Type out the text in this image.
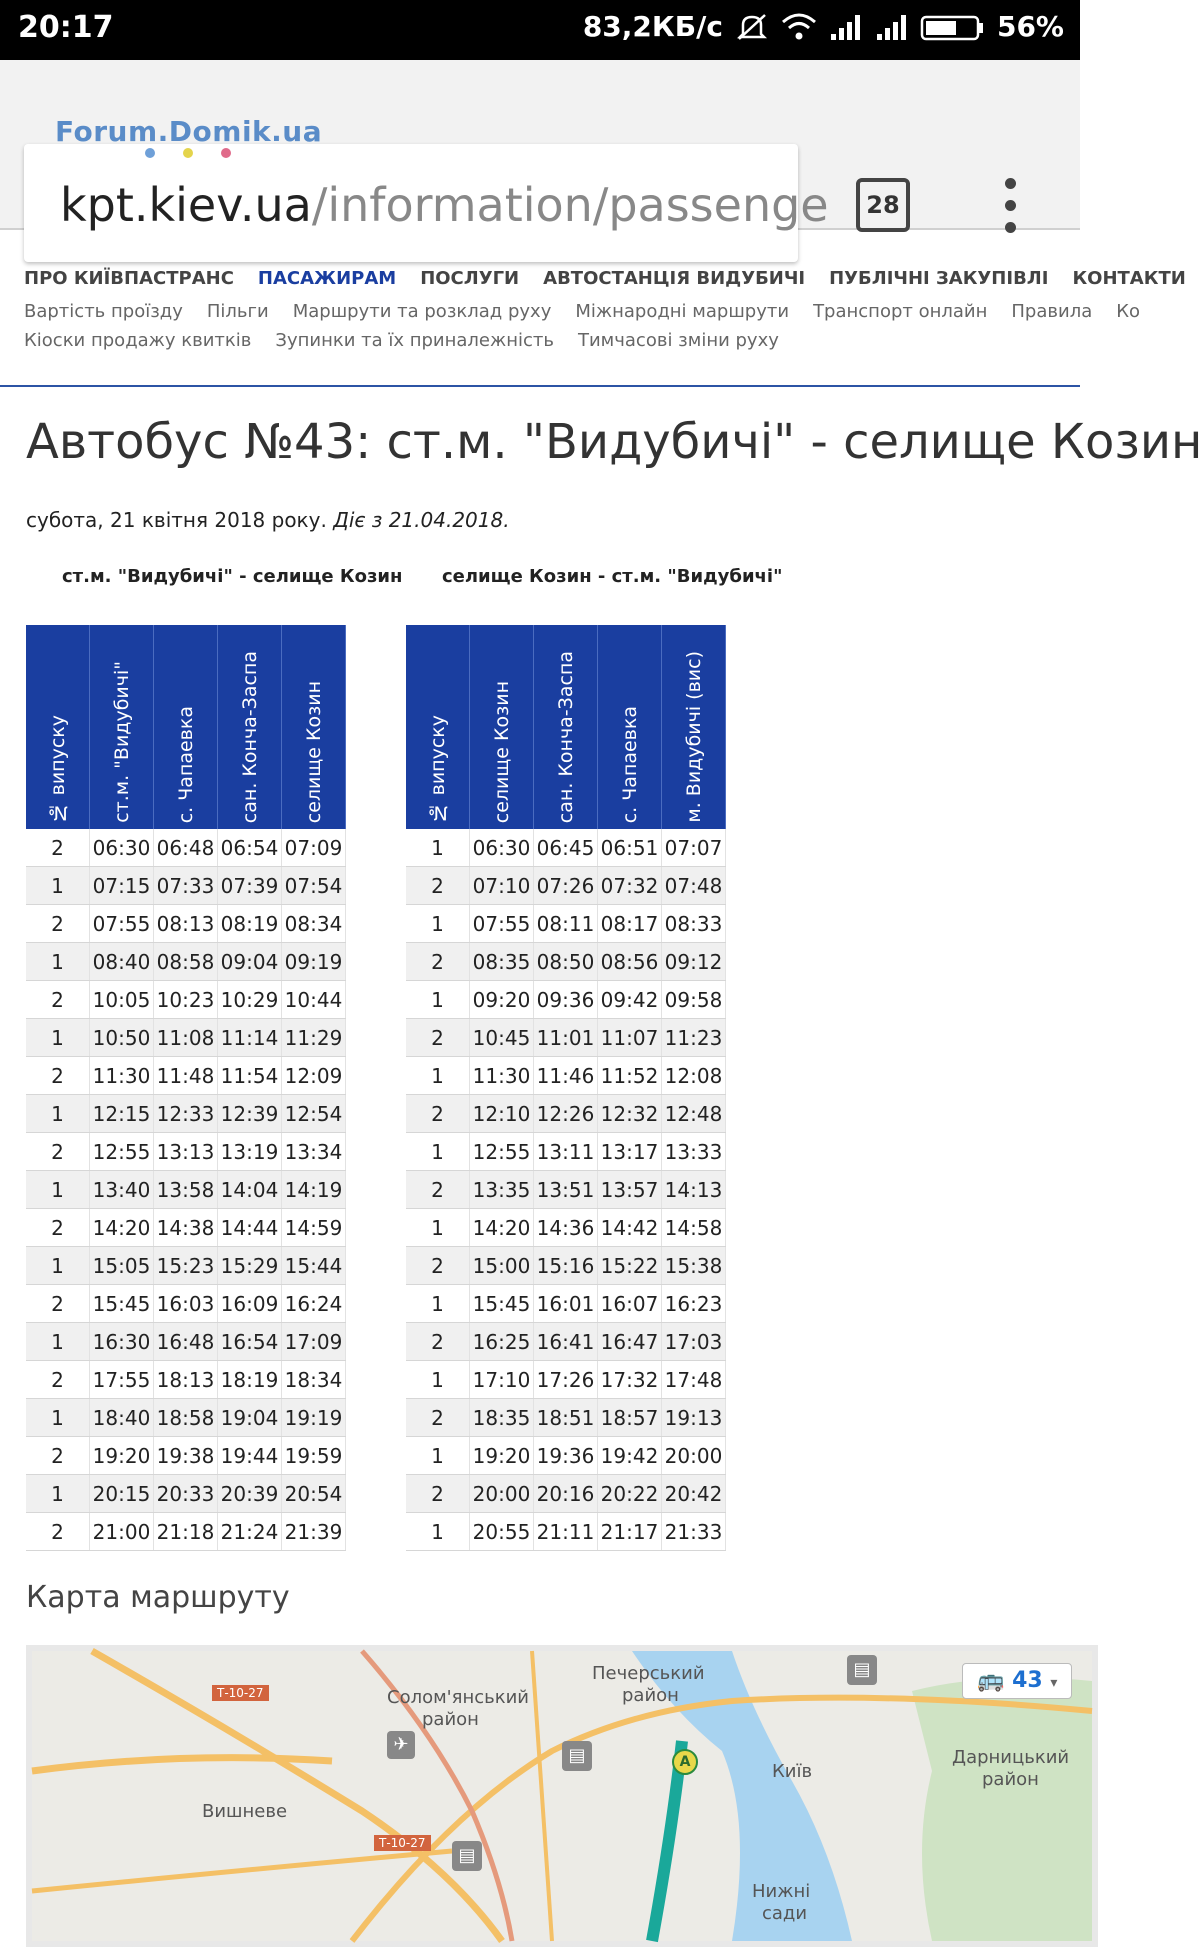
20:17	83,2КБ/с	56%
kpt.kiev.ua/information/passenge
Forum.Domik.ua
28
ПРО КИЇВПАСТРАНС ПАСАЖИРАМ ПОСЛУГИ АВТОСТАНЦІЯ ВИДУБИЧІ ПУБЛІЧНІ ЗАКУПІВЛІ КОНТАКТИ
Вартість проїзду Пільги Маршрути та розклад руху Міжнародні маршрути Транспорт онлайн Правила Ко
Кіоски продажу квитків Зупинки та їх приналежність Тимчасові зміни руху
Автобус №43: ст.м. "Видубичі" - селище Козин
субота, 21 квітня 2018 року. Діє з 21.04.2018.
ст.м. "Видубичі" - селище Козин селище Козин - ст.м. "Видубичі"
№ випуску	ст.м. "Видубичі"	с. Чапаевка	сан. Конча-Заспа	селище Козин

2	06:30	06:48	06:54	07:09
1	07:15	07:33	07:39	07:54
2	07:55	08:13	08:19	08:34
1	08:40	08:58	09:04	09:19
2	10:05	10:23	10:29	10:44
1	10:50	11:08	11:14	11:29
2	11:30	11:48	11:54	12:09
1	12:15	12:33	12:39	12:54
2	12:55	13:13	13:19	13:34
1	13:40	13:58	14:04	14:19
2	14:20	14:38	14:44	14:59
1	15:05	15:23	15:29	15:44
2	15:45	16:03	16:09	16:24
1	16:30	16:48	16:54	17:09
2	17:55	18:13	18:19	18:34
1	18:40	18:58	19:04	19:19
2	19:20	19:38	19:44	19:59
1	20:15	20:33	20:39	20:54
2	21:00	21:18	21:24	21:39
№ випуску	селище Козин	сан. Конча-Заспа	с. Чапаевка	м. Видубичі (вис)

1	06:30	06:45	06:51	07:07
2	07:10	07:26	07:32	07:48
1	07:55	08:11	08:17	08:33
2	08:35	08:50	08:56	09:12
1	09:20	09:36	09:42	09:58
2	10:45	11:01	11:07	11:23
1	11:30	11:46	11:52	12:08
2	12:10	12:26	12:32	12:48
1	12:55	13:11	13:17	13:33
2	13:35	13:51	13:57	14:13
1	14:20	14:36	14:42	14:58
2	15:00	15:16	15:22	15:38
1	15:45	16:01	16:07	16:23
2	16:25	16:41	16:47	17:03
1	17:10	17:26	17:32	17:48
2	18:35	18:51	18:57	19:13
1	19:20	19:36	19:42	20:00
2	20:00	20:16	20:22	20:42
1	20:55	21:11	21:17	21:33
Карта маршруту
Печерський
район
Солом'янський
район
Київ
Дарницький
район
Вишневе
Нижні
сади
Т-10-27
Т-10-27
✈
▤
▤
▤
A
🚌 43 ▾
